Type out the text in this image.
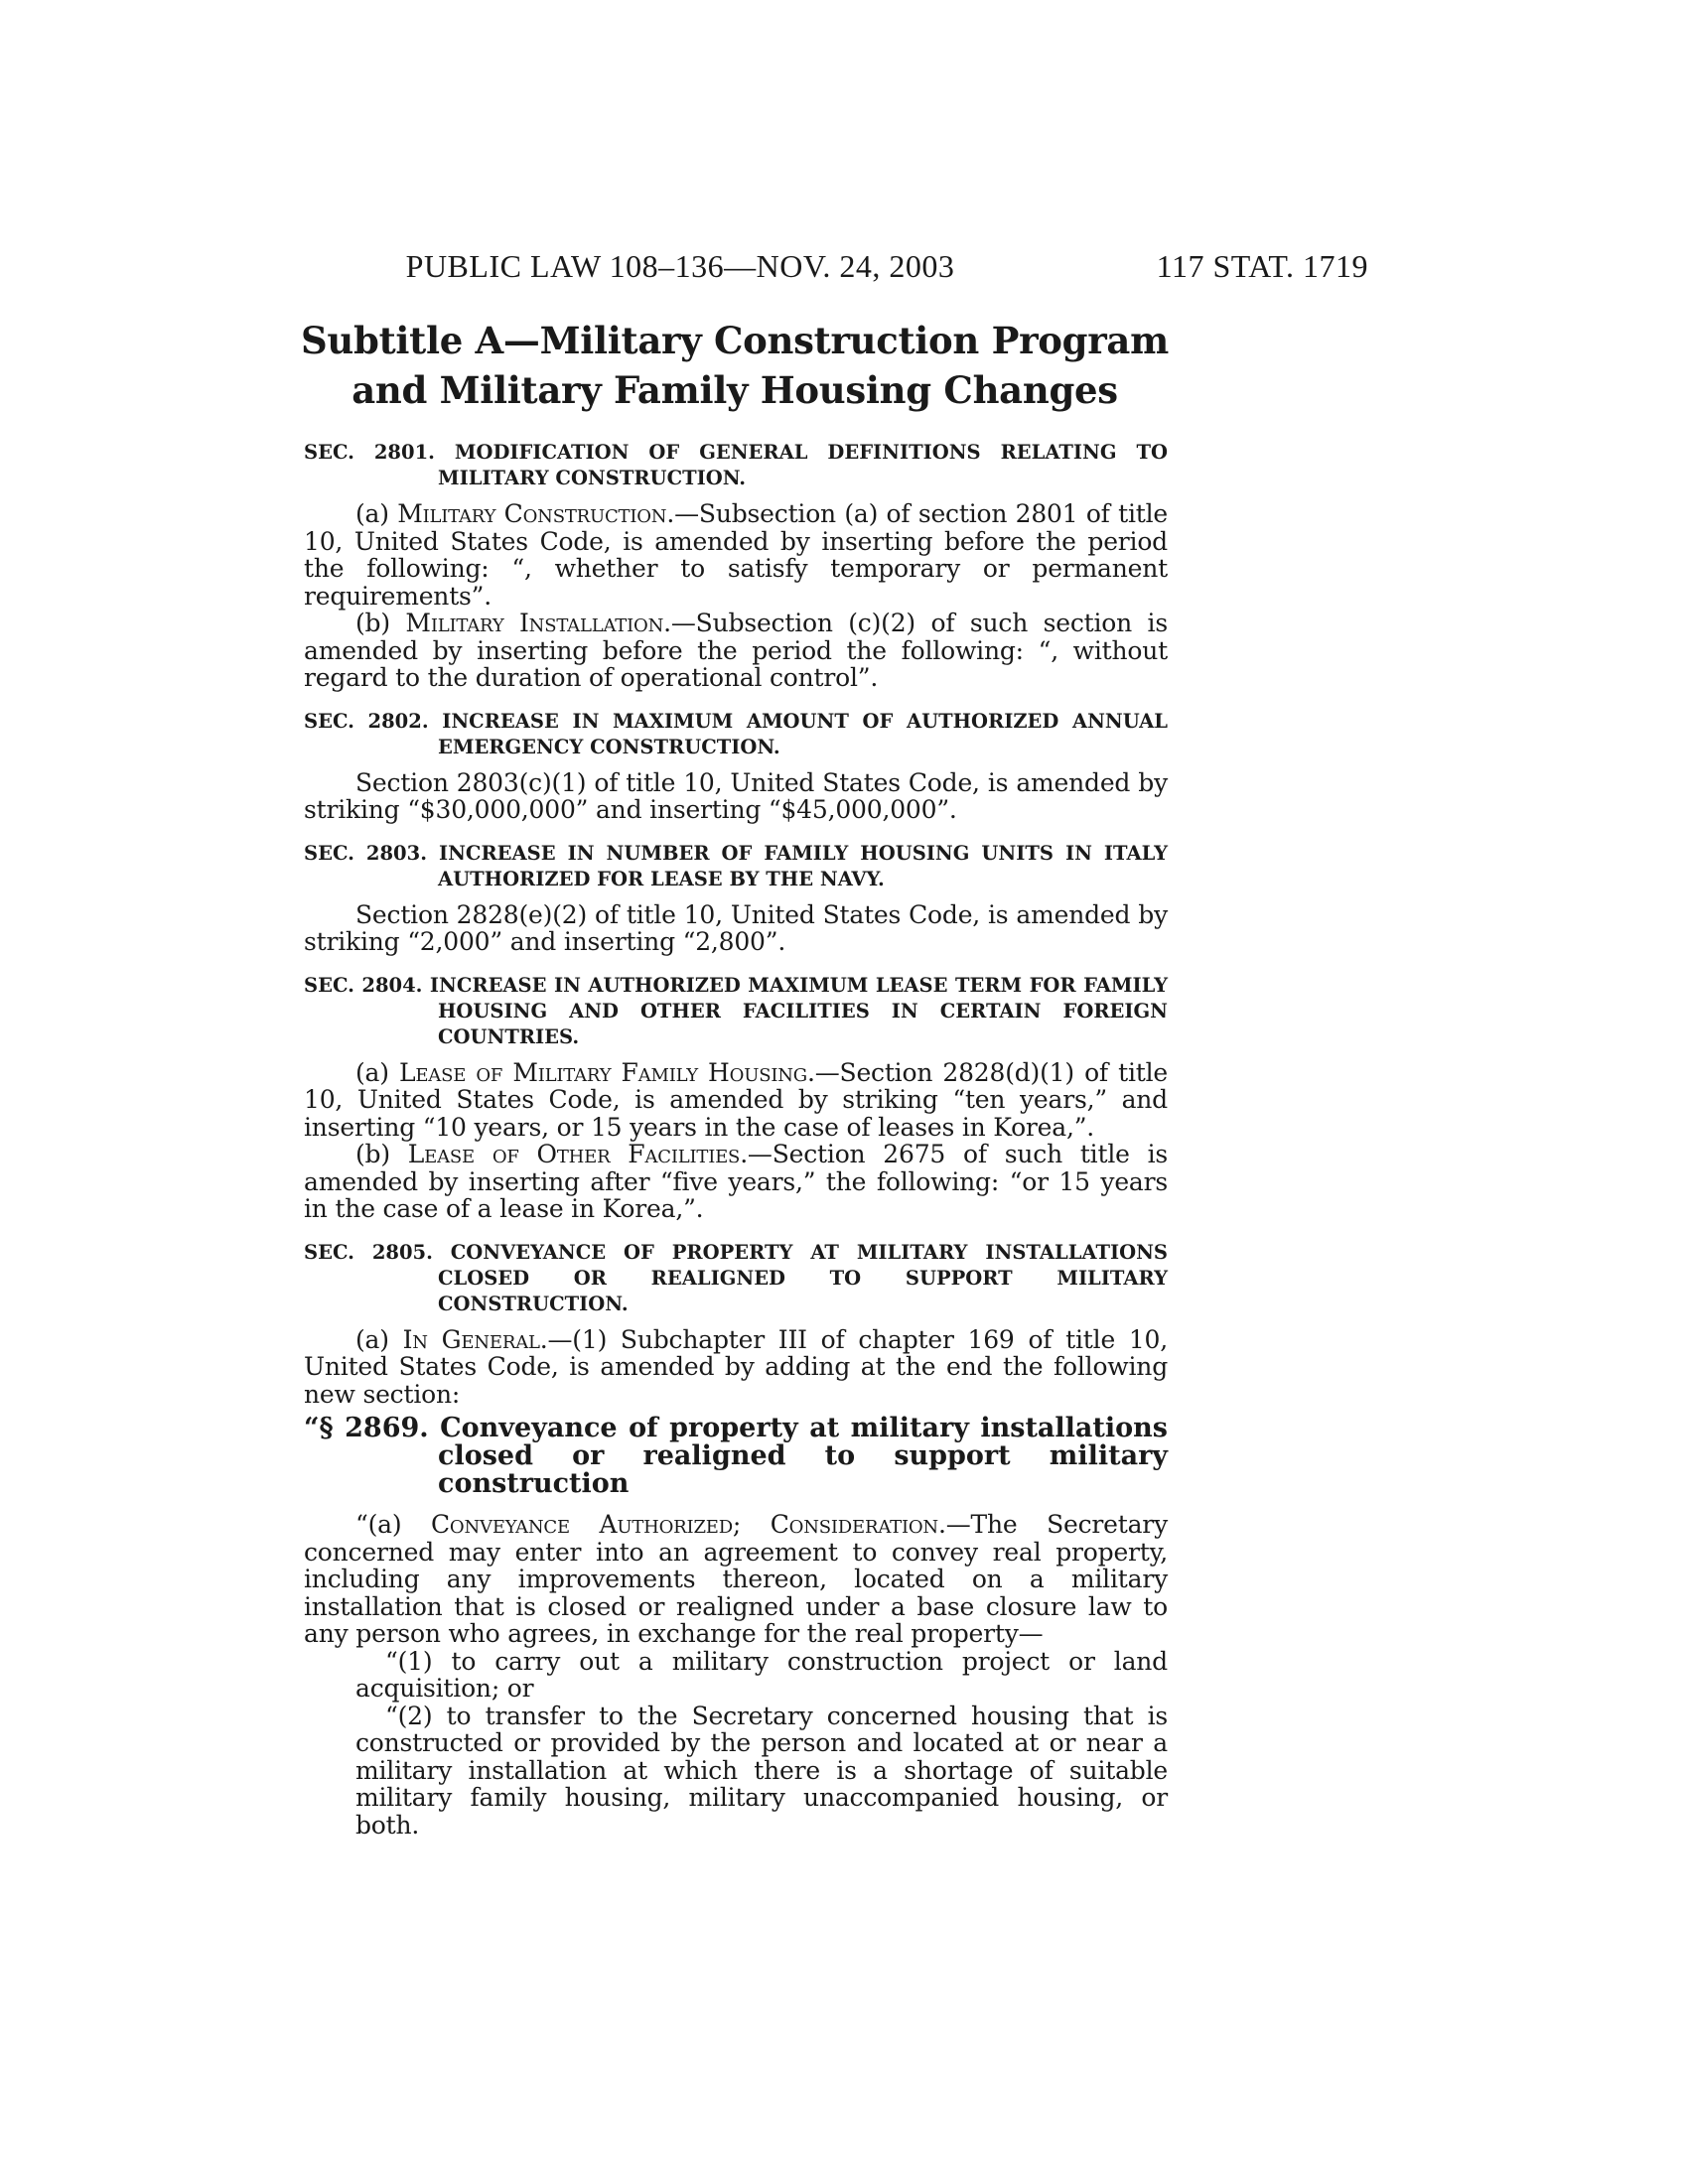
PUBLIC LAW 108–136—NOV. 24, 2003	117 STAT. 1719
Subtitle A—Military Construction Program
and Military Family Housing Changes
SEC. 2801. MODIFICATION OF GENERAL DEFINITIONS RELATING TO MILITARY CONSTRUCTION.

(a) Military Construction.—Subsection (a) of section 2801 of title 10, United States Code, is amended by inserting before the period the following: “, whether to satisfy temporary or permanent requirements”.

(b) Military Installation.—Subsection (c)(2) of such section is amended by inserting before the period the following: “, without regard to the duration of operational control”.

SEC. 2802. INCREASE IN MAXIMUM AMOUNT OF AUTHORIZED ANNUAL EMERGENCY CONSTRUCTION.

Section 2803(c)(1) of title 10, United States Code, is amended by striking “$30,000,000” and inserting “$45,000,000”.

SEC. 2803. INCREASE IN NUMBER OF FAMILY HOUSING UNITS IN ITALY AUTHORIZED FOR LEASE BY THE NAVY.

Section 2828(e)(2) of title 10, United States Code, is amended by striking “2,000” and inserting “2,800”.

SEC. 2804. INCREASE IN AUTHORIZED MAXIMUM LEASE TERM FOR FAMILY HOUSING AND OTHER FACILITIES IN CERTAIN FOREIGN COUNTRIES.

(a) Lease of Military Family Housing.—Section 2828(d)(1) of title 10, United States Code, is amended by striking “ten years,” and inserting “10 years, or 15 years in the case of leases in Korea,”.

(b) Lease of Other Facilities.—Section 2675 of such title is amended by inserting after “five years,” the following: “or 15 years in the case of a lease in Korea,”.

SEC. 2805. CONVEYANCE OF PROPERTY AT MILITARY INSTALLATIONS CLOSED OR REALIGNED TO SUPPORT MILITARY CONSTRUCTION.

(a) In General.—(1) Subchapter III of chapter 169 of title 10, United States Code, is amended by adding at the end the following new section:

“§ 2869. Conveyance of property at military installations closed or realigned to support military construction

“(a) Conveyance Authorized; Consideration.—The Secretary concerned may enter into an agreement to convey real property, including any improvements thereon, located on a military installation that is closed or realigned under a base closure law to any person who agrees, in exchange for the real property—

“(1) to carry out a military construction project or land acquisition; or

“(2) to transfer to the Secretary concerned housing that is constructed or provided by the person and located at or near a military installation at which there is a shortage of suitable military family housing, military unaccompanied housing, or both.
